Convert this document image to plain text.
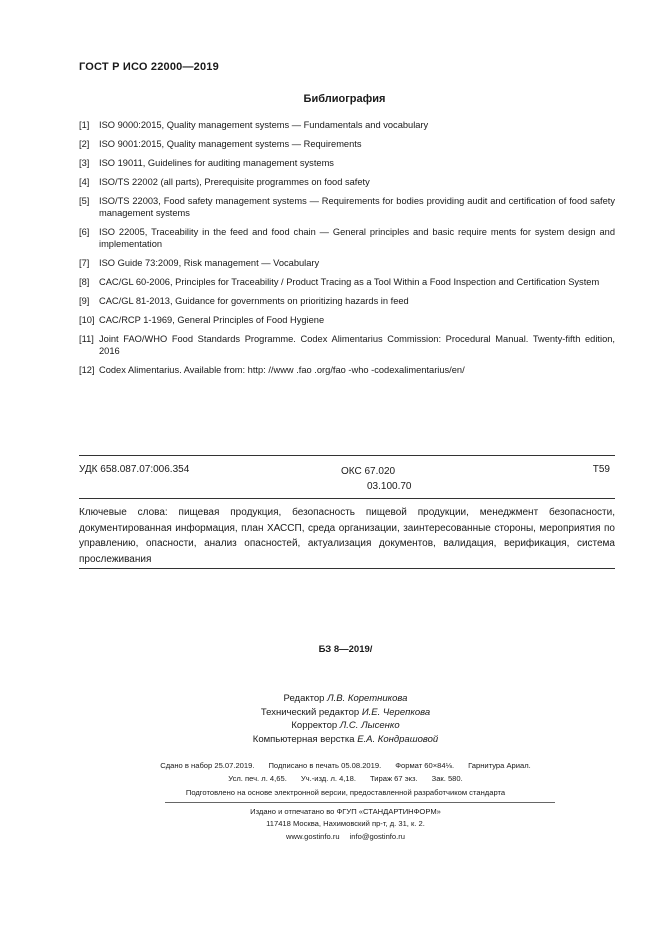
ГОСТ Р ИСО 22000—2019
Библиография
[1] ISO 9000:2015, Quality management systems — Fundamentals and vocabulary
[2] ISO 9001:2015, Quality management systems — Requirements
[3] ISO 19011, Guidelines for auditing management systems
[4] ISO/TS 22002 (all parts), Prerequisite programmes on food safety
[5] ISO/TS 22003, Food safety management systems — Requirements for bodies providing audit and certification of food safety management systems
[6] ISO 22005, Traceability in the feed and food chain — General principles and basic require ments for system design and implementation
[7] ISO Guide 73:2009, Risk management — Vocabulary
[8] CAC/GL 60-2006, Principles for Traceability / Product Tracing as a Tool Within a Food Inspection and Certification System
[9] CAC/GL 81-2013, Guidance for governments on prioritizing hazards in feed
[10] CAC/RCP 1-1969, General Principles of Food Hygiene
[11] Joint FAO/WHO Food Standards Programme. Codex Alimentarius Commission: Procedural Manual. Twenty-fifth edition, 2016
[12] Codex Alimentarius. Available from: http: //www .fao .org/fao -who -codexalimentarius/en/
УДК 658.087.07:006.354	ОКС 67.020
03.100.70
Т59
Ключевые слова: пищевая продукция, безопасность пищевой продукции, менеджмент безопасности, документированная информация, план ХАССП, среда организации, заинтересованные стороны, мероприятия по управлению, опасности, анализ опасностей, актуализация документов, валидация, верификация, система прослеживания
БЗ 8—2019/
Редактор Л.В. Коретникова
Технический редактор И.Е. Черепкова
Корректор Л.С. Лысенко
Компьютерная верстка Е.А. Кондрашовой
Сдано в набор 25.07.2019. Подписано в печать 05.08.2019. Формат 60×84⅛. Гарнитура Ариал.
Усл. печ. л. 4,65. Уч.-изд. л. 4,18. Тираж 67 экз. Зак. 580.
Подготовлено на основе электронной версии, предоставленной разработчиком стандарта
Издано и отпечатано во ФГУП «СТАНДАРТИНФОРМ»
117418 Москва, Нахимовский пр-т, д. 31, к. 2.
www.gostinfo.ru info@gostinfo.ru
